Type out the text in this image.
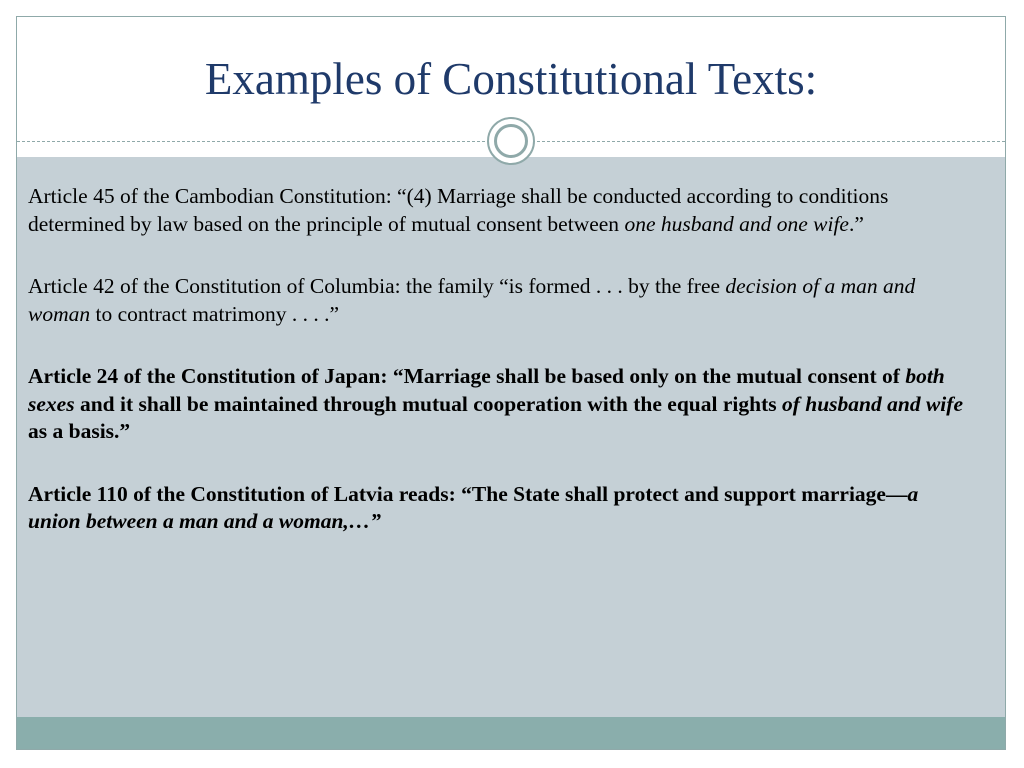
Examples of Constitutional Texts:

Article 45 of the Cambodian Constitution: “(4) Marriage shall be conducted according to conditions determined by law based on the principle of mutual consent between one husband and one wife.”

Article 42 of the Constitution of Columbia: the family “is formed . . . by the free decision of a man and woman to contract matrimony . . . .”

Article 24 of the Constitution of Japan: “Marriage shall be based only on the mutual consent of both sexes and it shall be maintained through mutual cooperation with the equal rights of husband and wife as a basis.”

Article 110 of the Constitution of Latvia reads: “The State shall protect and support marriage—a union between a man and a woman,…”
